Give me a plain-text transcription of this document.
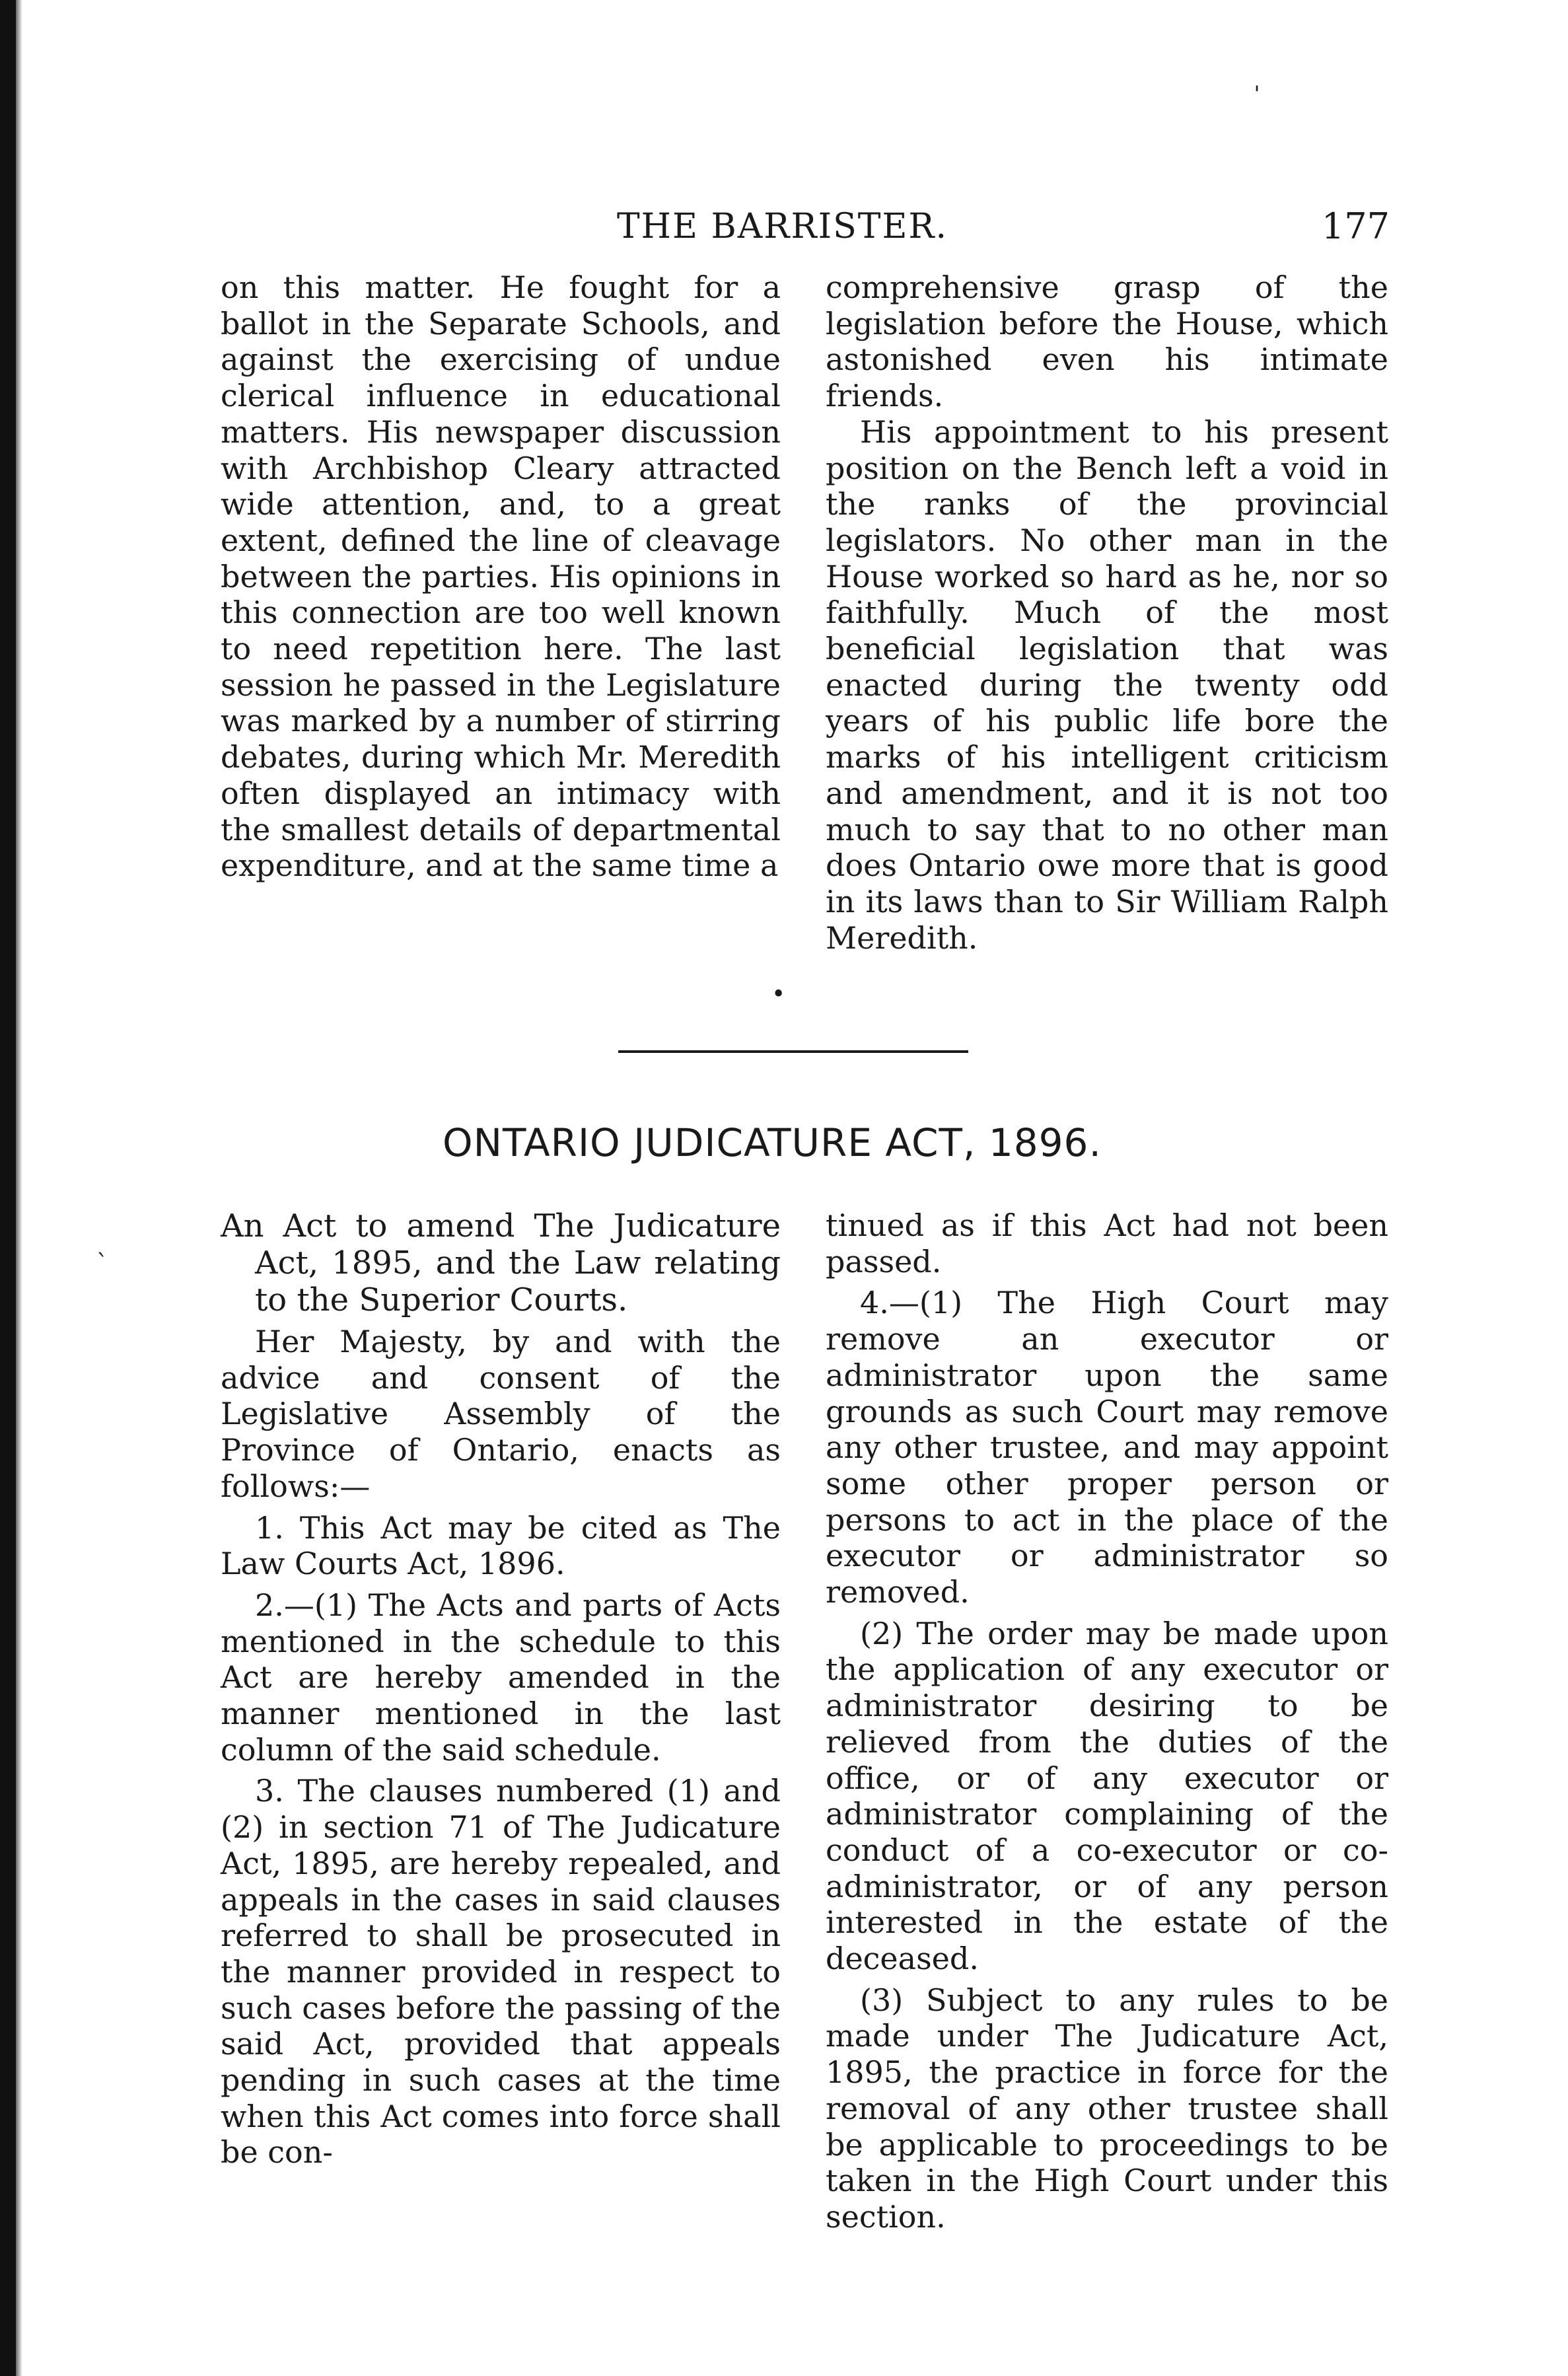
ˈ
•
ˋ
THE BARRISTER.	177

on this matter. He fought for a ballot in the Separate Schools, and against the exercising of undue clerical influence in educational matters. His newspaper discussion with Archbishop Cleary attracted wide attention, and, to a great extent, defined the line of cleavage between the parties. His opinions in this connection are too well known to need repetition here. The last session he passed in the Legislature was marked by a number of stirring debates, during which Mr. Meredith often displayed an intimacy with the smallest details of departmental expenditure, and at the same time a

comprehensive grasp of the legislation before the House, which astonished even his intimate friends.

His appointment to his present position on the Bench left a void in the ranks of the provincial legislators. No other man in the House worked so hard as he, nor so faithfully. Much of the most beneficial legislation that was enacted during the twenty odd years of his public life bore the marks of his intelligent criticism and amendment, and it is not too much to say that to no other man does Ontario owe more that is good in its laws than to Sir William Ralph Meredith.

ONTARIO JUDICATURE ACT, 1896.

An Act to amend The Judicature Act, 1895, and the Law relating to the Superior Courts.

Her Majesty, by and with the advice and consent of the Legislative Assembly of the Province of Ontario, enacts as follows:—

1. This Act may be cited as The Law Courts Act, 1896.

2.—(1) The Acts and parts of Acts mentioned in the schedule to this Act are hereby amended in the manner mentioned in the last column of the said schedule.

3. The clauses numbered (1) and (2) in section 71 of The Judicature Act, 1895, are hereby repealed, and appeals in the cases in said clauses referred to shall be prosecuted in the manner provided in respect to such cases before the passing of the said Act, provided that appeals pending in such cases at the time when this Act comes into force shall be con-

tinued as if this Act had not been passed.

4.—(1) The High Court may remove an executor or administrator upon the same grounds as such Court may remove any other trustee, and may appoint some other proper person or persons to act in the place of the executor or administrator so removed.

(2) The order may be made upon the application of any executor or administrator desiring to be relieved from the duties of the office, or of any executor or administrator complaining of the conduct of a co-executor or co-administrator, or of any person interested in the estate of the deceased.

(3) Subject to any rules to be made under The Judicature Act, 1895, the practice in force for the removal of any other trustee shall be applicable to proceedings to be taken in the High Court under this section.
